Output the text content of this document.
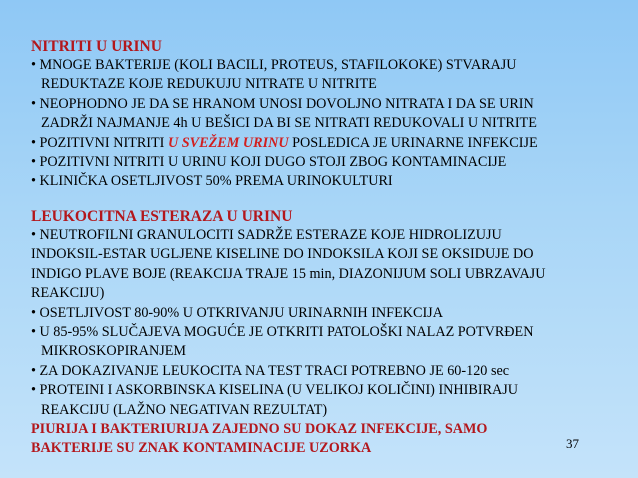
NITRITI U URINU
• MNOGE BAKTERIJE (KOLI BACILI, PROTEUS, STAFILOKOKE) STVARAJU
REDUKTAZE KOJE REDUKUJU NITRATE U NITRITE
• NEOPHODNO JE DA SE HRANOM UNOSI DOVOLJNO NITRATA I DA SE URIN
ZADRŽI NAJMANJE 4h U BEŠICI DA BI SE NITRATI REDUKOVALI U NITRITE
• POZITIVNI NITRITI U SVEŽEM URINU POSLEDICA JE URINARNE INFEKCIJE
• POZITIVNI NITRITI U URINU KOJI DUGO STOJI ZBOG KONTAMINACIJE
• KLINIČKA OSETLJIVOST 50% PREMA URINOKULTURI
LEUKOCITNA ESTERAZA U URINU
• NEUTROFILNI GRANULOCITI SADRŽE ESTERAZE KOJE HIDROLIZUJU
INDOKSIL-ESTAR UGLJENE KISELINE DO INDOKSILA KOJI SE OKSIDUJE DO
INDIGO PLAVE BOJE (REAKCIJA TRAJE 15 min, DIAZONIJUM SOLI UBRZAVAJU
REAKCIJU)
• OSETLJIVOST 80-90% U OTKRIVANJU URINARNIH INFEKCIJA
• U 85-95% SLUČAJEVA MOGUĆE JE OTKRITI PATOLOŠKI NALAZ POTVRĐEN
MIKROSKOPIRANJEM
• ZA DOKAZIVANJE LEUKOCITA NA TEST TRACI POTREBNO JE 60-120 sec
• PROTEINI I ASKORBINSKA KISELINA (U VELIKOJ KOLIČINI) INHIBIRAJU
REAKCIJU (LAŽNO NEGATIVAN REZULTAT)
PIURIJA I BAKTERIURIJA ZAJEDNO SU DOKAZ INFEKCIJE, SAMO
BAKTERIJE SU ZNAK KONTAMINACIJE UZORKA	37
